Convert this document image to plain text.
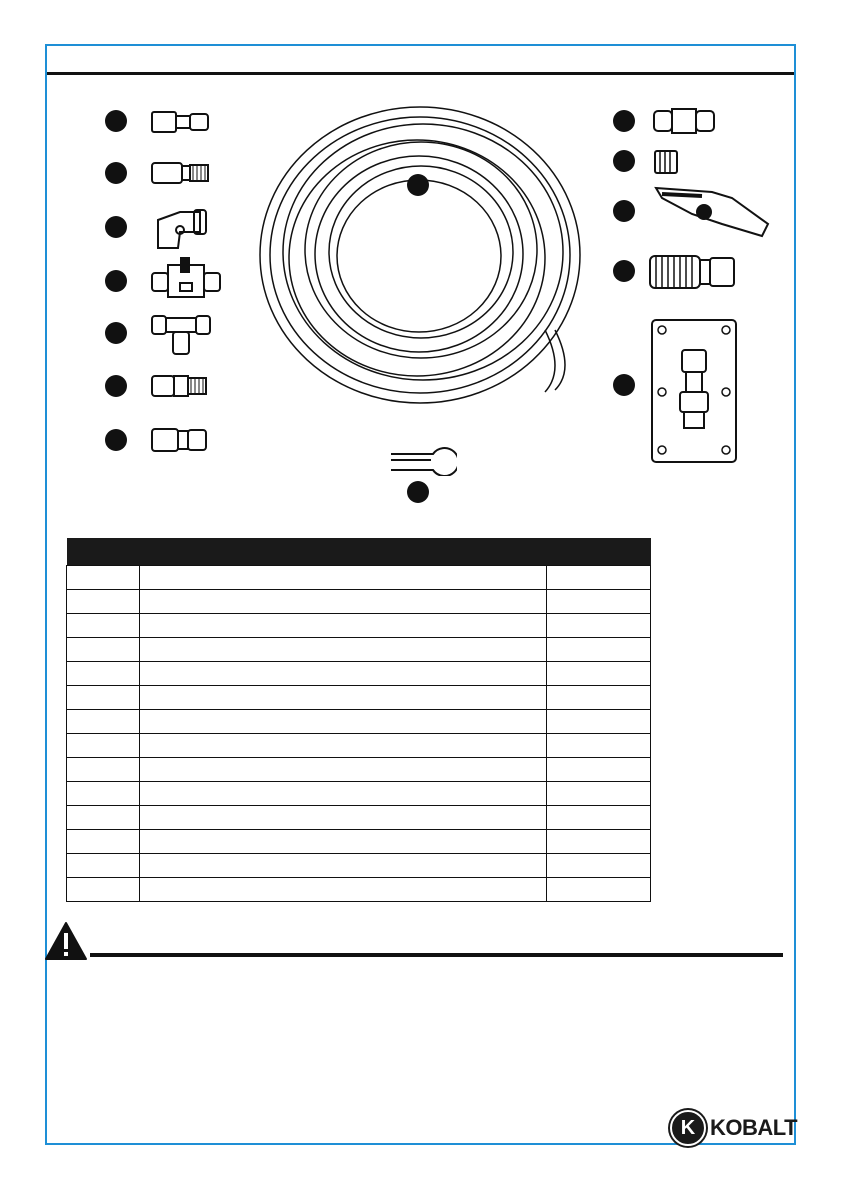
K KOBALT
